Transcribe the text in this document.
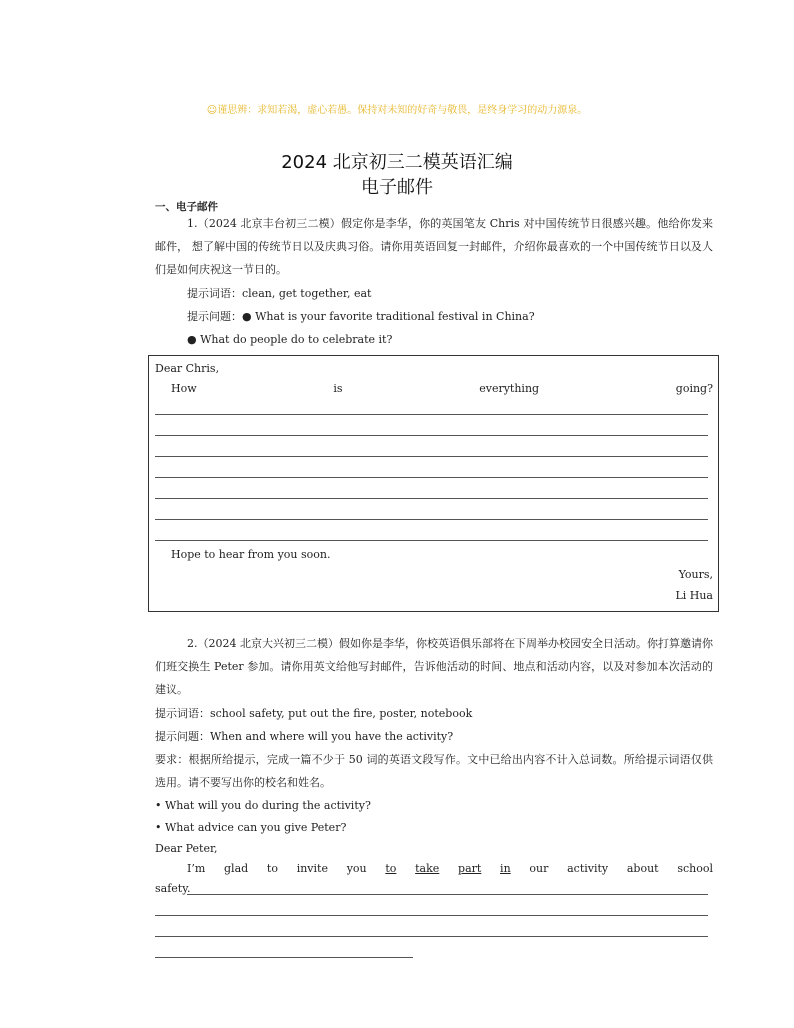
☺谨思辨：求知若渴，虚心若愚。保持对未知的好奇与敬畏，是终身学习的动力源泉。
2024 北京初三二模英语汇编
电子邮件
一、电子邮件
1.（2024 北京丰台初三二模）假定你是李华，你的英国笔友 Chris 对中国传统节日很感兴趣。他给你发来邮件， 想了解中国的传统节日以及庆典习俗。请你用英语回复一封邮件，介绍你最喜欢的一个中国传统节日以及人们是如何庆祝这一节日的。
提示词语：clean, get together, eat
提示问题：● What is your favorite traditional festival in China?
● What do people do to celebrate it?
Dear Chris,
How	is	everything	going?
Hope to hear from you soon.
Yours,
Li Hua
2.（2024 北京大兴初三二模）假如你是李华，你校英语俱乐部将在下周举办校园安全日活动。你打算邀请你们班交换生 Peter 参加。请你用英文给他写封邮件，告诉他活动的时间、地点和活动内容，以及对参加本次活动的建议。
提示词语：school safety, put out the fire, poster, notebook
提示问题：When and where will you have the activity?
要求：根据所给提示，完成一篇不少于 50 词的英语文段写作。文中已给出内容不计入总词数。所给提示词语仅供选用。请不要写出你的校名和姓名。
• What will you do during the activity?
• What advice can you give Peter?
Dear Peter,
I’m glad to invite you to take part in our activity about school
safety.
